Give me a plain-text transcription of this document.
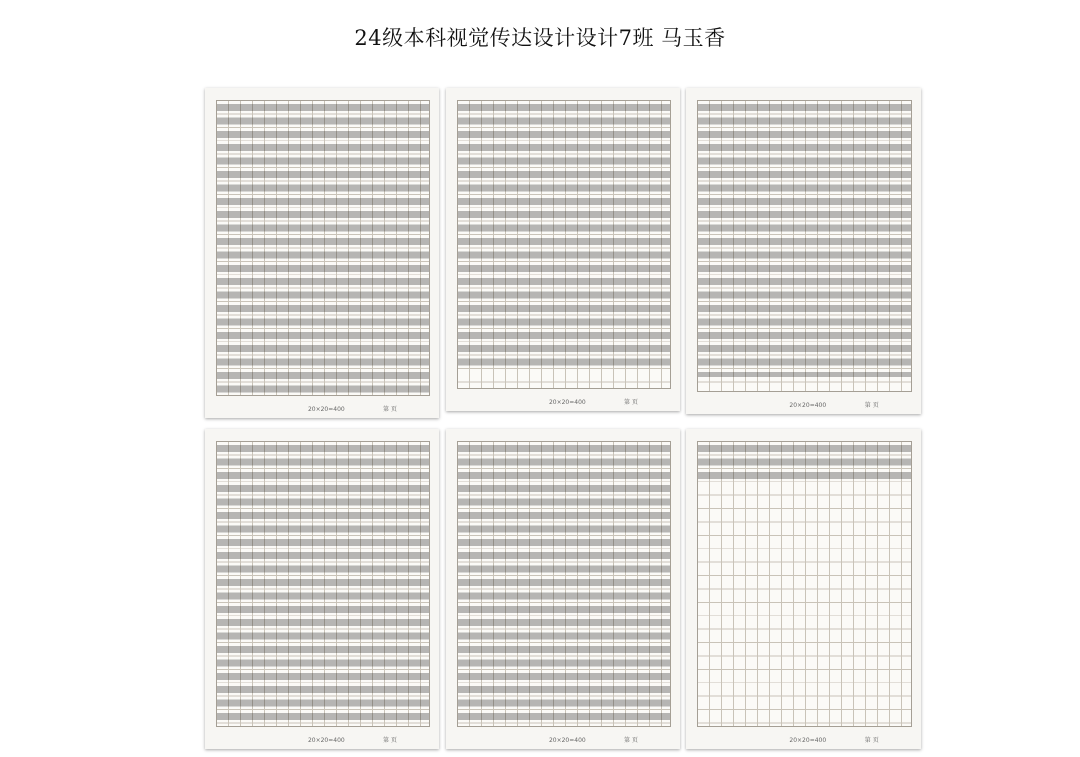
24级本科视觉传达设计设计7班 马玉香
20×20=400	第 页
20×20=400	第 页	20×20=400	第 页
20×20=400	第 页	20×20=400	第 页	20×20=400	第 页
